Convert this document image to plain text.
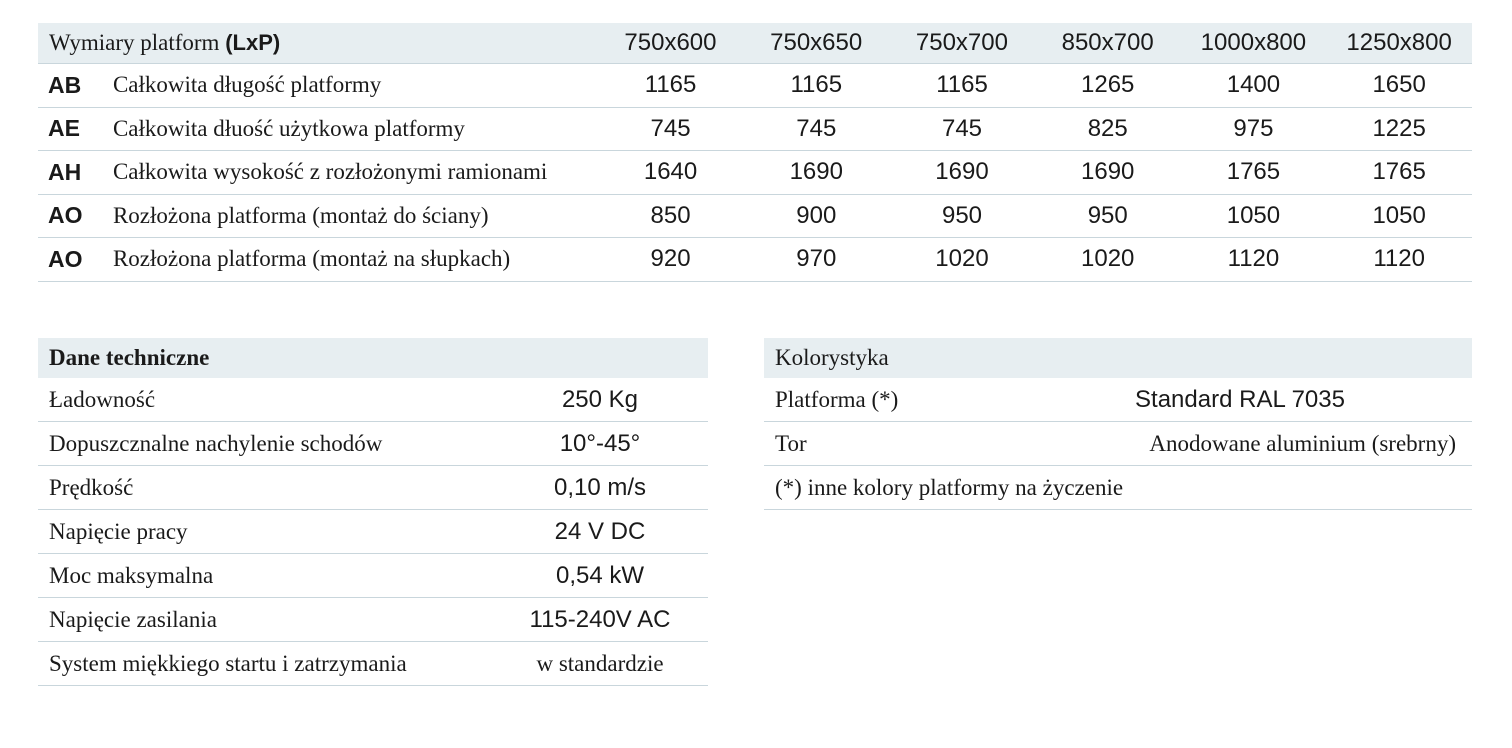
Wymiary platform (LxP)	750x600	750x650	750x700	850x700	1000x800	1250x800
AB	Całkowita długość platformy	1165	1165	1165	1265	1400	1650
AE	Całkowita dłuość użytkowa platformy	745	745	745	825	975	1225
AH	Całkowita wysokość z rozłożonymi ramionami	1640	1690	1690	1690	1765	1765
AO	Rozłożona platforma (montaż do ściany)	850	900	950	950	1050	1050
AO	Rozłożona platforma (montaż na słupkach)	920	970	1020	1020	1120	1120
Dane techniczne
Ładowność	250 Kg
Dopuszcznalne nachylenie schodów	10°-45°
Prędkość	0,10 m/s
Napięcie pracy	24 V DC
Moc maksymalna	0,54 kW
Napięcie zasilania	115-240V AC
System miękkiego startu i zatrzymania	w standardzie
Kolorystyka
Platforma (*)	Standard RAL 7035
Tor	Anodowane aluminium (srebrny)
(*) inne kolory platformy na życzenie
